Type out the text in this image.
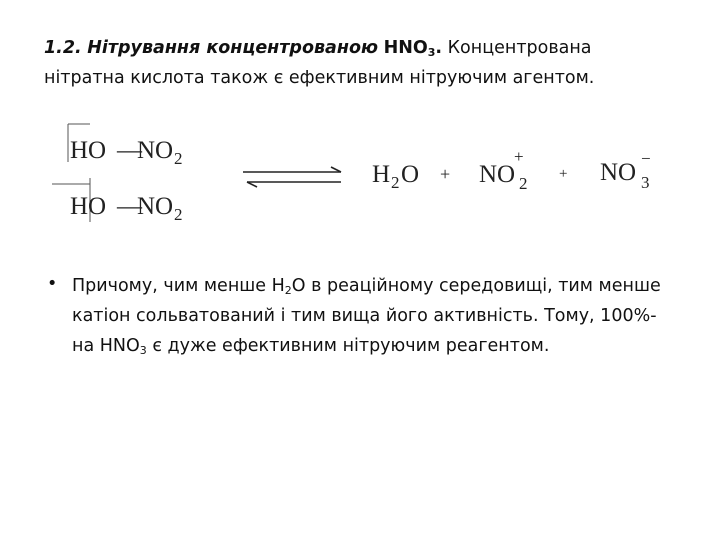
1.2. Нітрування концентрованою $HNO_3$. Концентрована
нітратна кислота також є ефективним нітруючим агентом.
HO —
NO 2
HO —
NO 2
H 2 O + NO 2
+
+ NO 3
−
• Причому, чим менше $Н_2О$ в реаційному середовищі, тим менше катіон сольватований і тим вища його активність. Тому, 100%-на $HNO_3$ є дуже ефективним нітруючим реагентом.
